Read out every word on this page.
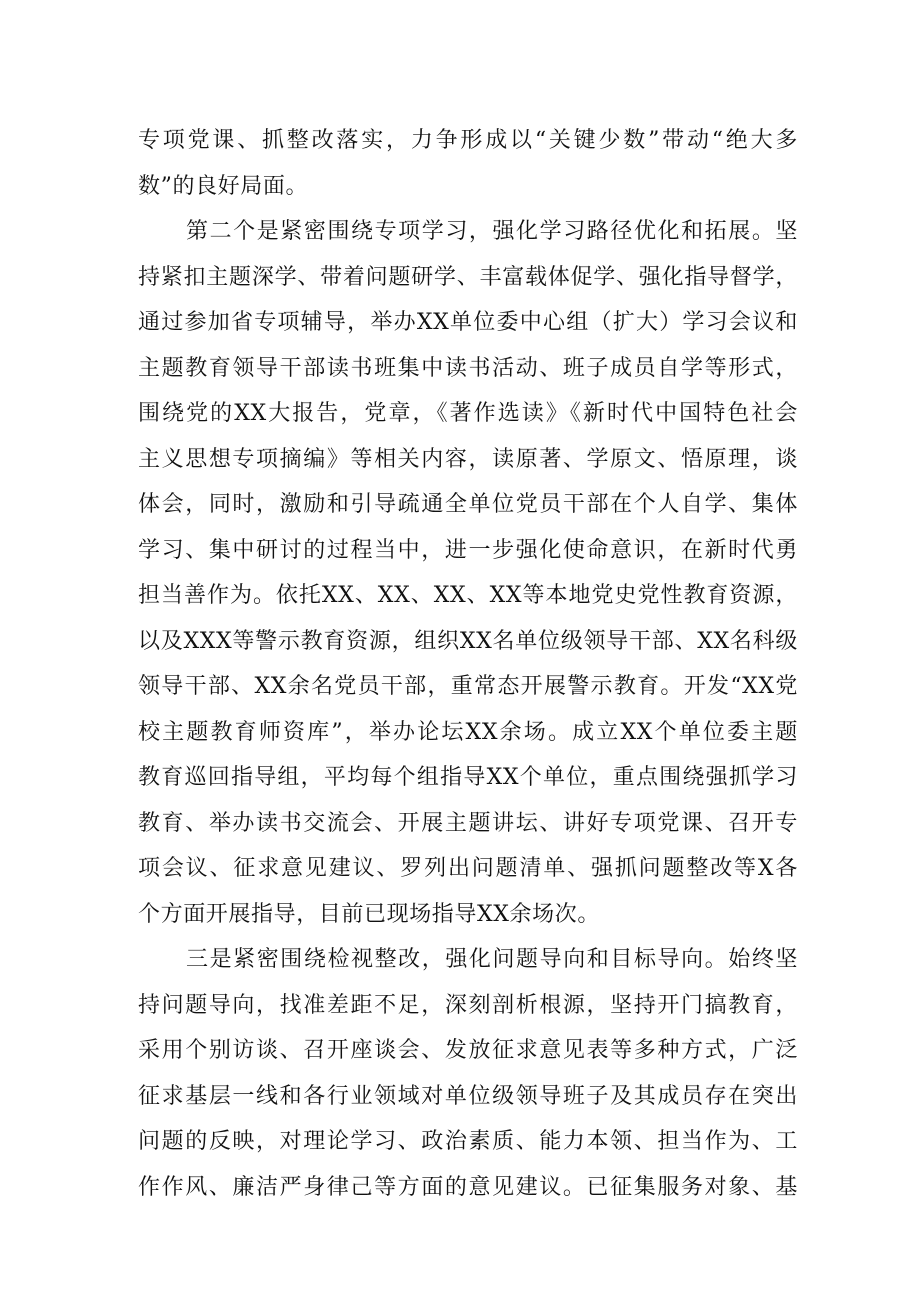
专项党课、抓整改落实，力争形成以“关键少数”带动“绝大多
数”的良好局面。
第二个是紧密围绕专项学习，强化学习路径优化和拓展。坚
持紧扣主题深学、带着问题研学、丰富载体促学、强化指导督学，
通过参加省专项辅导，举办XX单位委中心组（扩大）学习会议和
主题教育领导干部读书班集中读书活动、班子成员自学等形式，
围绕党的XX大报告，党章，《著作选读》《新时代中国特色社会
主义思想专项摘编》等相关内容，读原著、学原文、悟原理，谈
体会，同时，激励和引导疏通全单位党员干部在个人自学、集体
学习、集中研讨的过程当中，进一步强化使命意识，在新时代勇
担当善作为。依托XX、XX、XX、XX等本地党史党性教育资源，
以及XXX等警示教育资源，组织XX名单位级领导干部、XX名科级
领导干部、XX余名党员干部，重常态开展警示教育。开发“XX党
校主题教育师资库”，举办论坛XX余场。成立XX个单位委主题
教育巡回指导组，平均每个组指导XX个单位，重点围绕强抓学习
教育、举办读书交流会、开展主题讲坛、讲好专项党课、召开专
项会议、征求意见建议、罗列出问题清单、强抓问题整改等X各
个方面开展指导，目前已现场指导XX余场次。
三是紧密围绕检视整改，强化问题导向和目标导向。始终坚
持问题导向，找准差距不足，深刻剖析根源，坚持开门搞教育，
采用个别访谈、召开座谈会、发放征求意见表等多种方式，广泛
征求基层一线和各行业领域对单位级领导班子及其成员存在突出
问题的反映，对理论学习、政治素质、能力本领、担当作为、工
作作风、廉洁严身律己等方面的意见建议。已征集服务对象、基
